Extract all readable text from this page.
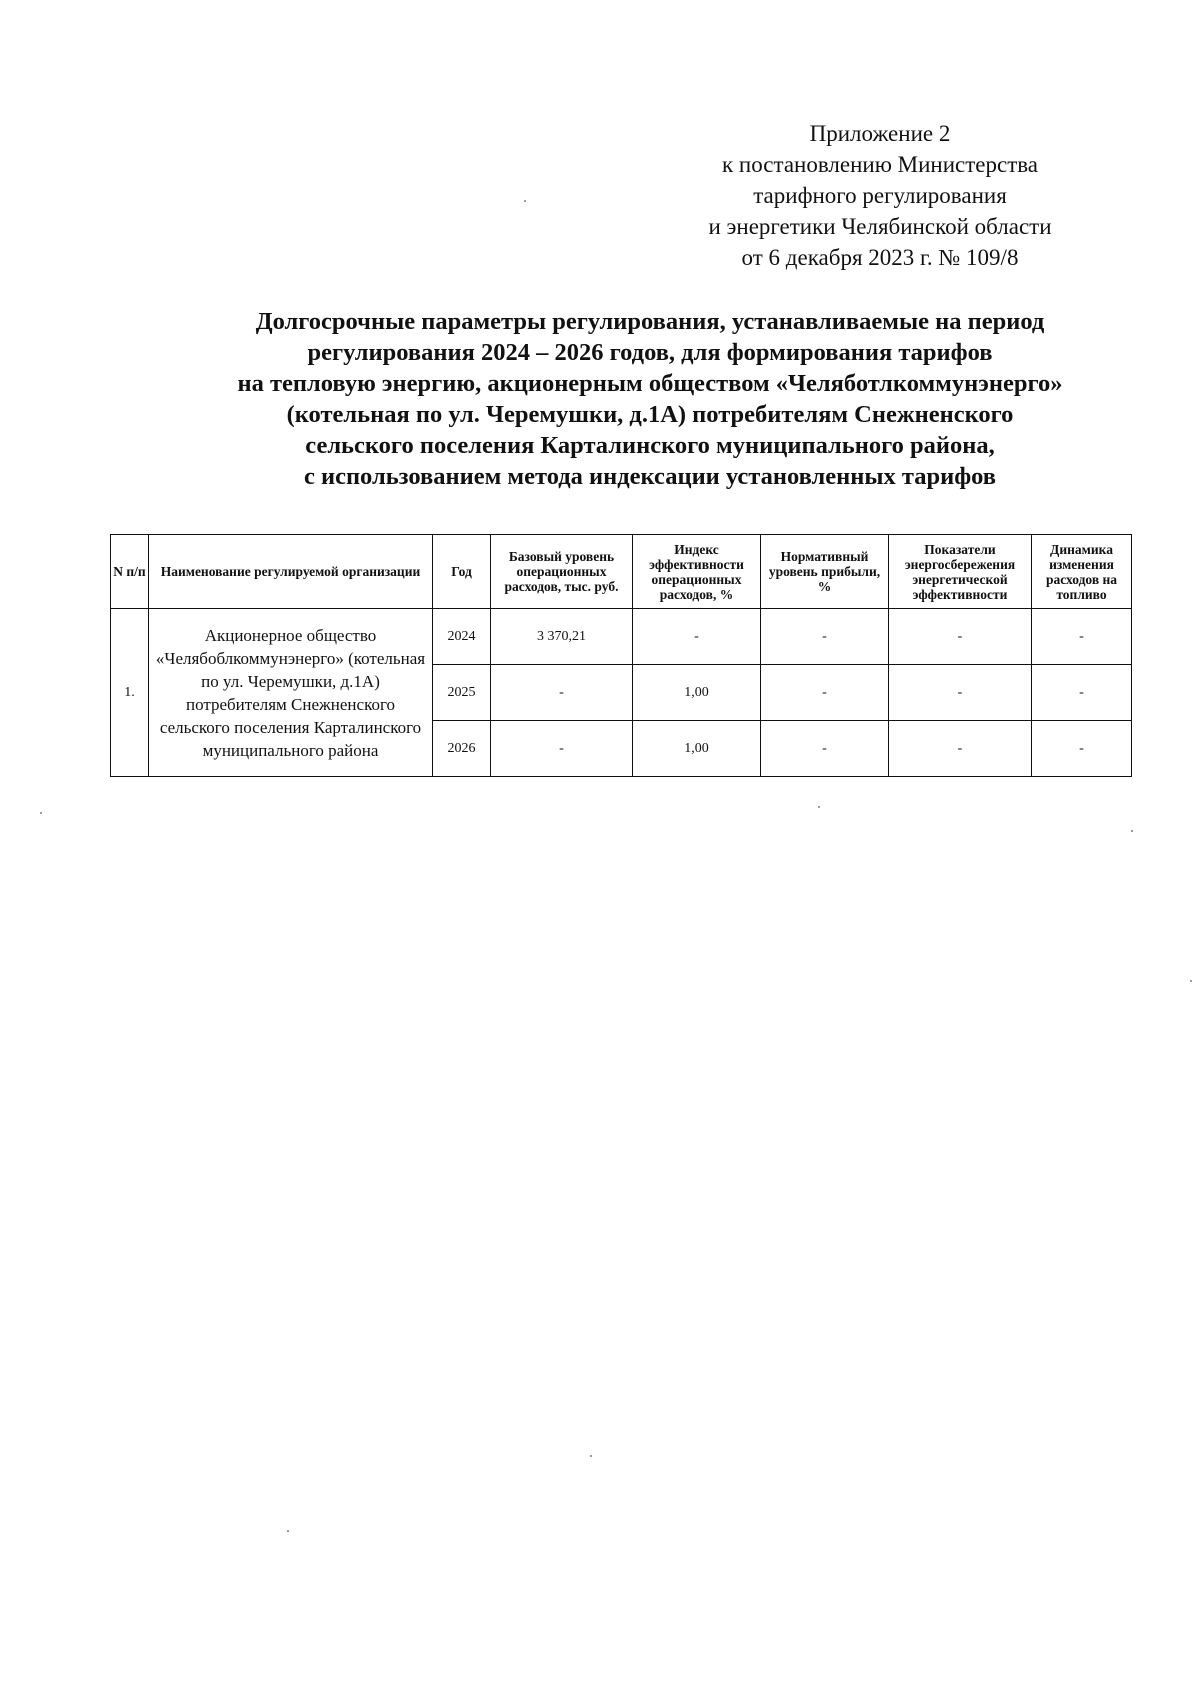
Приложение 2
к постановлению Министерства
тарифного регулирования
и энергетики Челябинской области
от 6 декабря 2023 г. № 109/8
Долгосрочные параметры регулирования, устанавливаемые на период
регулирования 2024 – 2026 годов, для формирования тарифов
на тепловую энергию, акционерным обществом «Челяботлкоммунэнерго»
(котельная по ул. Черемушки, д.1А) потребителям Снежненского
сельского поселения Карталинского муниципального района,
с использованием метода индексации установленных тарифов
N п/п	Наименование регулируемой организации	Год	Базовый уровень операционных расходов, тыс. руб.	Индекс эффективности операционных расходов, %	Нормативный уровень прибыли, %	Показатели энергосбережения энергетической эффективности	Динамика изменения расходов на топливо
1.	Акционерное общество «Челябоблкоммунэнерго» (котельная по ул. Черемушки, д.1А) потребителям Снежненского сельского поселения Карталинского муниципального района	2024	3 370,21	-	-	-	-
		2025	-	1,00	-	-	-
		2026	-	1,00	-	-	-
